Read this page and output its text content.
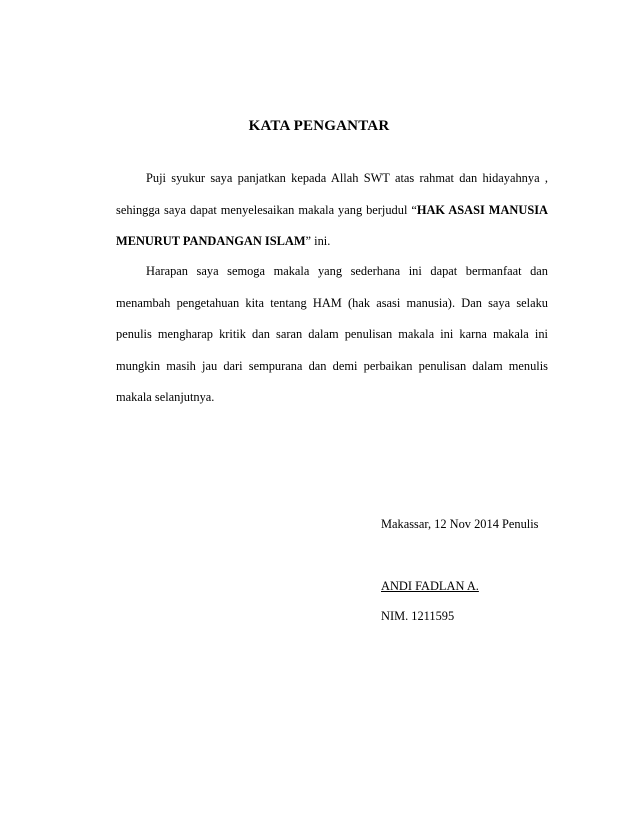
KATA PENGANTAR

Puji syukur saya panjatkan kepada Allah SWT atas rahmat dan hidayahnya , sehingga saya dapat menyelesaikan makala yang berjudul “HAK ASASI MANUSIA MENURUT PANDANGAN ISLAM” ini.

Harapan saya semoga makala yang sederhana ini dapat bermanfaat dan menambah pengetahuan kita tentang HAM (hak asasi manusia). Dan saya selaku penulis mengharap kritik dan saran dalam penulisan makala ini karna makala ini mungkin masih jau dari sempurana dan demi perbaikan penulisan dalam menulis makala selanjutnya.

Makassar, 12 Nov 2014 Penulis
ANDI FADLAN A.
NIM. 1211595
